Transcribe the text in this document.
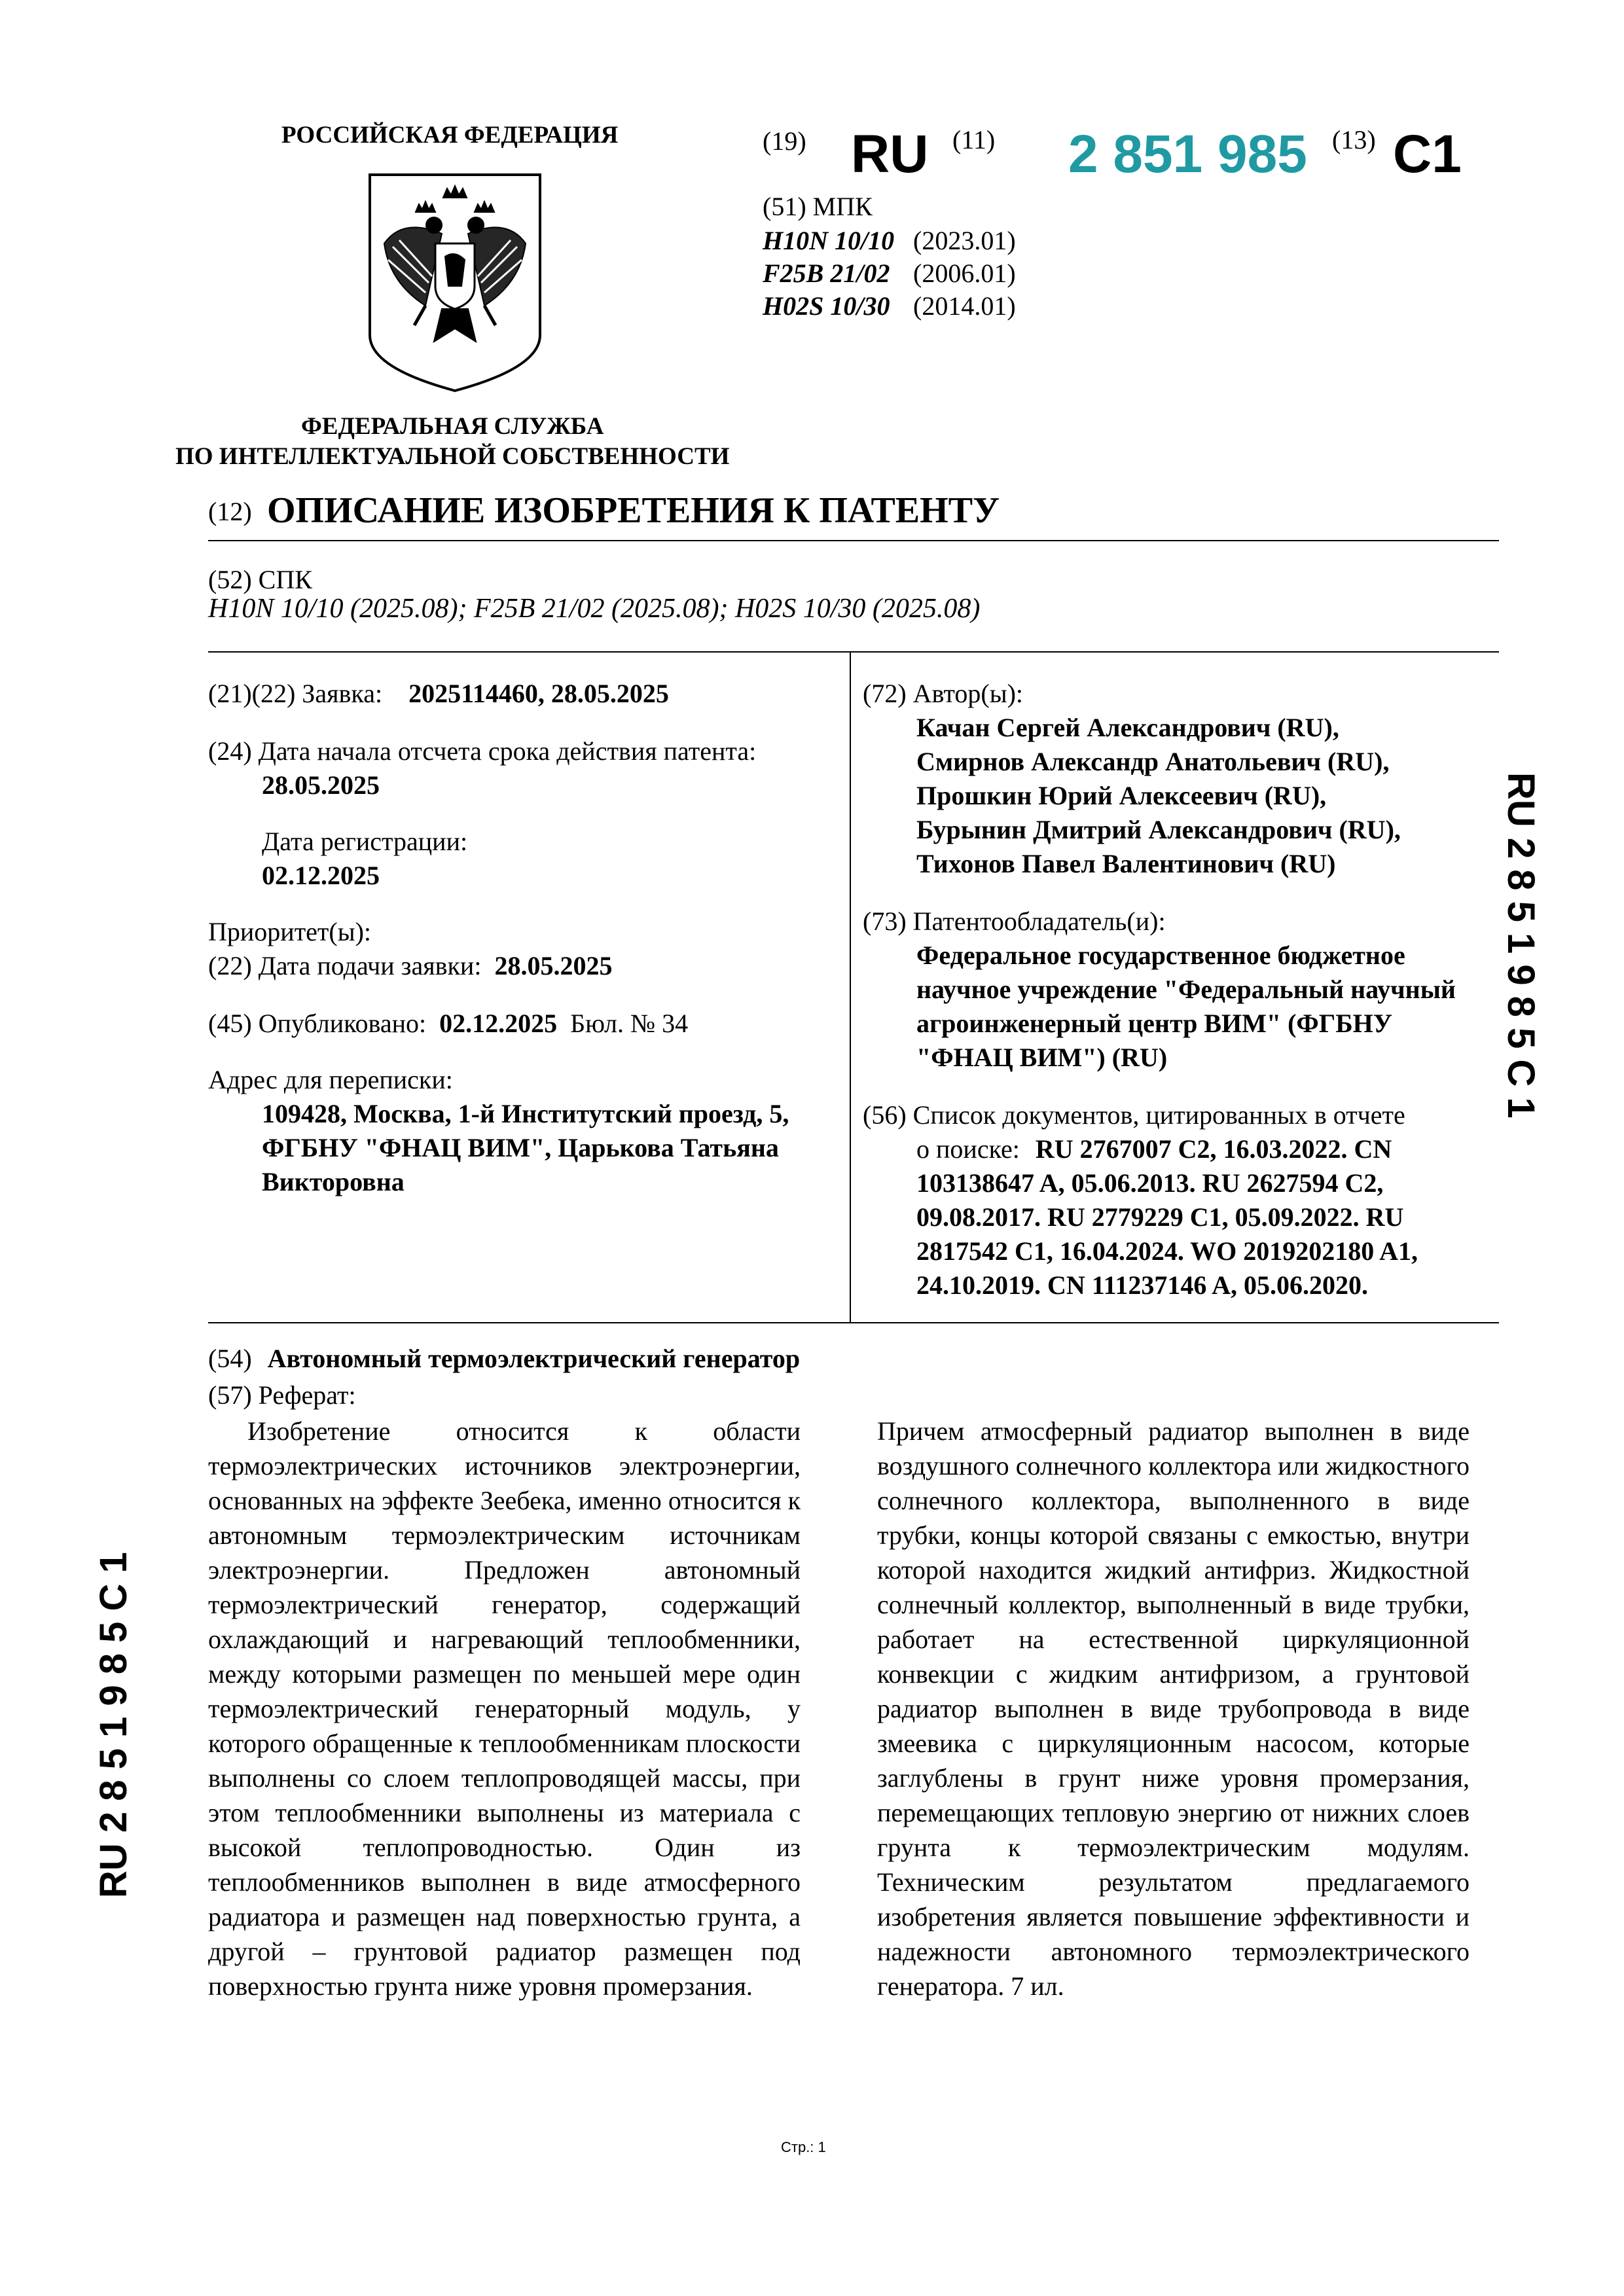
РОССИЙСКАЯ ФЕДЕРАЦИЯ
ФЕДЕРАЛЬНАЯ СЛУЖБА
ПО ИНТЕЛЛЕКТУАЛЬНОЙ СОБСТВЕННОСТИ
(19) RU (11) 2 851 985 (13) C1
(51) МПК
H10N 10/10 (2023.01)
F25B 21/02 (2006.01)
H02S 10/30 (2014.01)
(12) ОПИСАНИЕ ИЗОБРЕТЕНИЯ К ПАТЕНТУ
(52) СПК
H10N 10/10 (2025.08); F25B 21/02 (2025.08); H02S 10/30 (2025.08)
(21)(22) Заявка: 2025114460, 28.05.2025
(24) Дата начала отсчета срока действия патента:
28.05.2025
Дата регистрации:
02.12.2025
Приоритет(ы):
(22) Дата подачи заявки: 28.05.2025
(45) Опубликовано: 02.12.2025 Бюл. № 34
Адрес для переписки:
109428, Москва, 1-й Институтский проезд, 5,
ФГБНУ "ФНАЦ ВИМ", Царькова Татьяна
Викторовна
(72) Автор(ы):
Качан Сергей Александрович (RU),
Смирнов Александр Анатольевич (RU),
Прошкин Юрий Алексеевич (RU),
Бурынин Дмитрий Александрович (RU),
Тихонов Павел Валентинович (RU)
(73) Патентообладатель(и):
Федеральное государственное бюджетное
научное учреждение "Федеральный научный
агроинженерный центр ВИМ" (ФГБНУ
"ФНАЦ ВИМ") (RU)
(56) Список документов, цитированных в отчете
о поиске: RU 2767007 C2, 16.03.2022. CN
103138647 A, 05.06.2013. RU 2627594 C2,
09.08.2017. RU 2779229 C1, 05.09.2022. RU
2817542 C1, 16.04.2024. WO 2019202180 A1,
24.10.2019. CN 111237146 A, 05.06.2020.
RU 2 8 5 1 9 8 5 C 1
RU 2 8 5 1 9 8 5 C 1
(54) Автономный термоэлектрический генератор
(57) Реферат:

Изобретение относится к области термоэлектрических источников электроэнергии, основанных на эффекте Зеебека, именно относится к автономным термоэлектрическим источникам электроэнергии. Предложен автономный термоэлектрический генератор, содержащий охлаждающий и нагревающий теплообменники, между которыми размещен по меньшей мере один термоэлектрический генераторный модуль, у которого обращенные к теплообменникам плоскости выполнены со слоем теплопроводящей массы, при этом теплообменники выполнены из материала с высокой теплопроводностью. Один из теплообменников выполнен в виде атмосферного радиатора и размещен над поверхностью грунта, а другой – грунтовой радиатор размещен под поверхностью грунта ниже уровня промерзания.

Причем атмосферный радиатор выполнен в виде воздушного солнечного коллектора или жидкостного солнечного коллектора, выполненного в виде трубки, концы которой связаны с емкостью, внутри которой находится жидкий антифриз. Жидкостной солнечный коллектор, выполненный в виде трубки, работает на естественной циркуляционной конвекции с жидким антифризом, а грунтовой радиатор выполнен в виде трубопровода в виде змеевика с циркуляционным насосом, которые заглублены в грунт ниже уровня промерзания, перемещающих тепловую энергию от нижних слоев грунта к термоэлектрическим модулям. Техническим результатом предлагаемого изобретения является повышение эффективности и надежности автономного термоэлектрического генератора. 7 ил.

Стр.: 1
